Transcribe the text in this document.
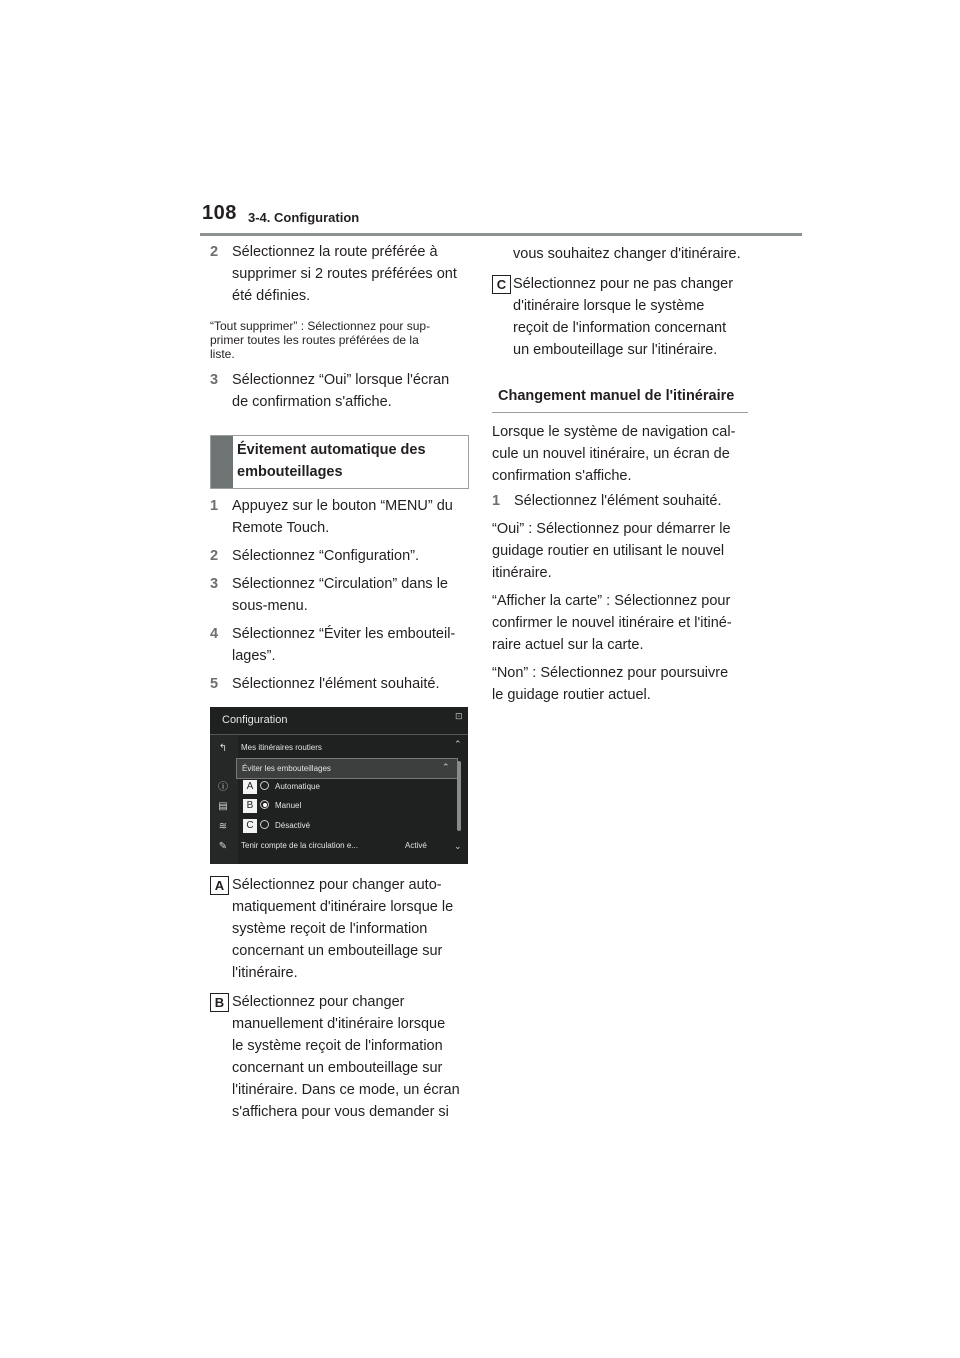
108 3-4. Configuration
2 Sélectionnez la route préférée à
supprimer si 2 routes préférées ont
été définies.
“Tout supprimer” : Sélectionnez pour sup-
primer toutes les routes préférées de la
liste.
3 Sélectionnez “Oui” lorsque l'écran
de confirmation s'affiche.
Évitement automatique des
embouteillages
1 Appuyez sur le bouton “MENU” du
Remote Touch.
2 Sélectionnez “Configuration”.
3 Sélectionnez “Circulation” dans le
sous-menu.
4 Sélectionnez “Éviter les embouteil-
lages”.
5 Sélectionnez l'élément souhaité.
Configuration	⊡
↰
ⓘ
▤
≋
✎
Mes itinéraires routiers
Éviter les embouteillages	⌃
A	Automatique
B	Manuel
C	Désactivé
Tenir compte de la circulation e...	Activé
⌃
⌄
A Sélectionnez pour changer auto-
matiquement d'itinéraire lorsque le
système reçoit de l'information
concernant un embouteillage sur
l'itinéraire.
B Sélectionnez pour changer
manuellement d'itinéraire lorsque
le système reçoit de l'information
concernant un embouteillage sur
l'itinéraire. Dans ce mode, un écran
s'affichera pour vous demander si
vous souhaitez changer d'itinéraire.
C Sélectionnez pour ne pas changer
d'itinéraire lorsque le système
reçoit de l'information concernant
un embouteillage sur l'itinéraire.
Changement manuel de l'itinéraire
Lorsque le système de navigation cal-
cule un nouvel itinéraire, un écran de
confirmation s'affiche.
1 Sélectionnez l'élément souhaité.
“Oui” : Sélectionnez pour démarrer le
guidage routier en utilisant le nouvel
itinéraire.
“Afficher la carte” : Sélectionnez pour
confirmer le nouvel itinéraire et l'itiné-
raire actuel sur la carte.
“Non” : Sélectionnez pour poursuivre
le guidage routier actuel.
